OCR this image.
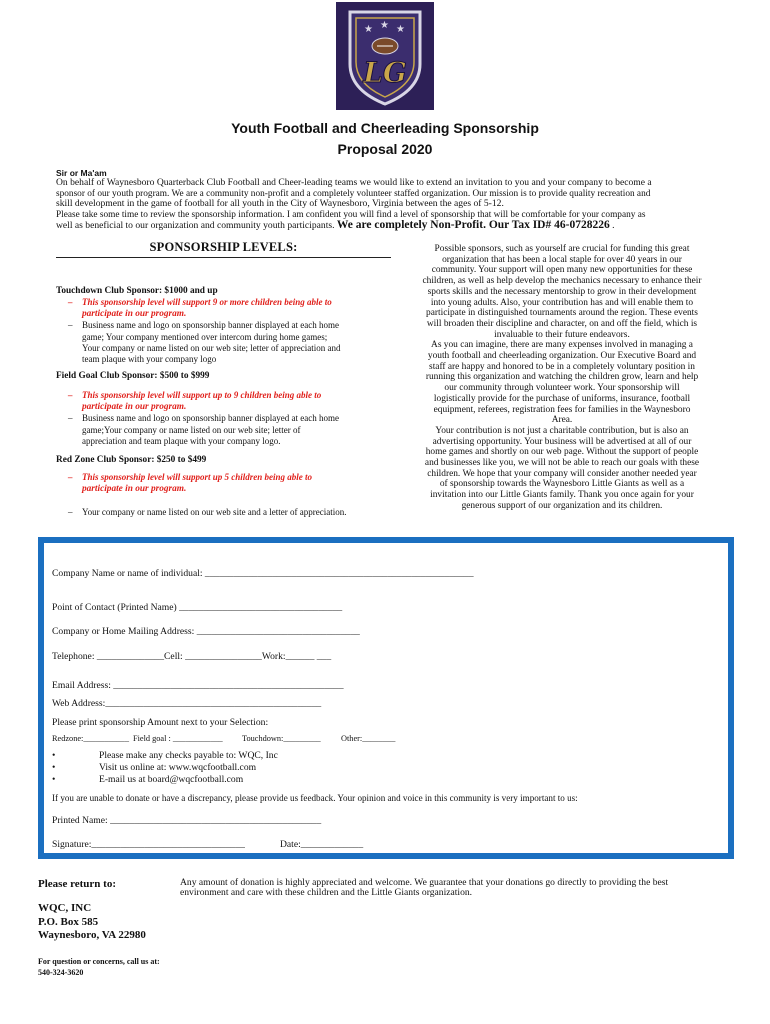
★ ★ ★
LG
Youth Football and Cheerleading Sponsorship
Proposal 2020

Sir or Ma'am

On behalf of Waynesboro Quarterback Club Football and Cheer-leading teams we would like to extend an invitation to you and your company to become a

sponsor of our youth program. We are a community non-profit and a completely volunteer staffed organization. Our mission is to provide quality recreation and

skill development in the game of football for all youth in the City of Waynesboro, Virginia between the ages of 5-12.

Please take some time to review the sponsorship information. I am confident you will find a level of sponsorship that will be comfortable for your company as

well as beneficial to our organization and community youth participants. We are completely Non-Profit. Our Tax ID# 46-0728226 .

SPONSORSHIP LEVELS:
Touchdown Club Sponsor: $1000 and up
– This sponsorship level will support 9 or more children being able to
participate in our program.
– Business name and logo on sponsorship banner displayed at each home
game; Your company mentioned over intercom during home games;
Your company or name listed on our web site; letter of appreciation and
team plaque with your company logo
Field Goal Club Sponsor: $500 to $999
– This sponsorship level will support up to 9 children being able to
participate in our program.
– Business name and logo on sponsorship banner displayed at each home
game;Your company or name listed on our web site; letter of
appreciation and team plaque with your company logo.
Red Zone Club Sponsor: $250 to $499
– This sponsorship level will support up 5 children being able to
participate in our program.
– Your company or name listed on our web site and a letter of appreciation.

Possible sponsors, such as yourself are crucial for funding this great

organization that has been a local staple for over 40 years in our

community. Your support will open many new opportunities for these

children, as well as help develop the mechanics necessary to enhance their

sports skills and the necessary mentorship to grow in their development

into young adults. Also, your contribution has and will enable them to

participate in distinguished tournaments around the region. These events

will broaden their discipline and character, on and off the field, which is

invaluable to their future endeavors.

As you can imagine, there are many expenses involved in managing a

youth football and cheerleading organization. Our Executive Board and

staff are happy and honored to be in a completely voluntary position in

running this organization and watching the children grow, learn and help

our community through volunteer work. Your sponsorship will

logistically provide for the purchase of uniforms, insurance, football

equipment, referees, registration fees for families in the Waynesboro

Area.

Your contribution is not just a charitable contribution, but is also an

advertising opportunity. Your business will be advertised at all of our

home games and shortly on our web page. Without the support of people

and businesses like you, we will not be able to reach our goals with these

children. We hope that your company will consider another needed year

of sponsorship towards the Waynesboro Little Giants as well as a

invitation into our Little Giants family. Thank you once again for your

generous support of our organization and its children.

Company Name or name of individual: ________________________________________________________
Point of Contact (Printed Name) __________________________________
Company or Home Mailing Address: __________________________________
Telephone: ______________Cell: ________________Work:______ ___
Email Address: ________________________________________________
Web Address:_____________________________________________
Please print sponsorship Amount next to your Selection:
Redzone:___________ Field goal : ____________ Touchdown:_________ Other:________
•	Please make any checks payable to: WQC, Inc
•	Visit us online at: www.wqcfootball.com
•	E-mail us at board@wqcfootball.com
If you are unable to donate or have a discrepancy, please provide us feedback. Your opinion and voice in this community is very important to us:
Printed Name: ____________________________________________
Signature:________________________________	Date:_____________
Please return to:
WQC, INC
P.O. Box 585
Waynesboro, VA 22980
For question or concerns, call us at:
540-324-3620
Any amount of donation is highly appreciated and welcome. We guarantee that your donations go directly to providing the best
environment and care with these children and the Little Giants organization.
